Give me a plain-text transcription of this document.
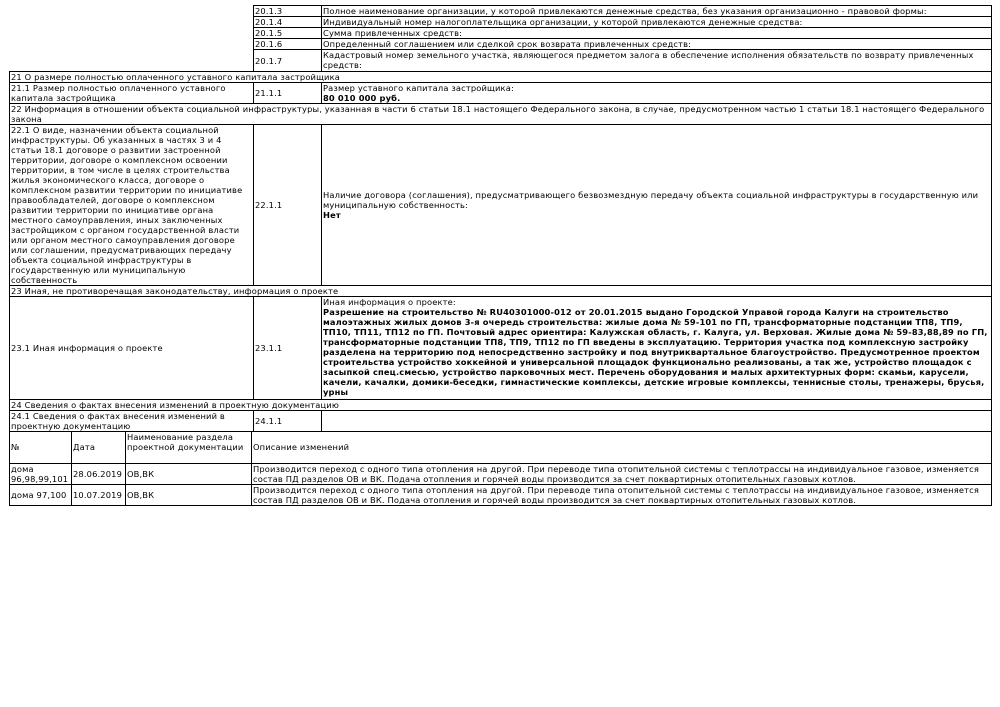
	20.1.3	Полное наименование организации, у которой привлекаются денежные средства, без указания организационно - правовой формы:
	20.1.4	Индивидуальный номер налогоплательщика организации, у которой привлекаются денежные средства:
	20.1.5	Сумма привлеченных средств:
	20.1.6	Определенный соглашением или сделкой срок возврата привлеченных средств:
	20.1.7	Кадастровый номер земельного участка, являющегося предметом залога в обеспечение исполнения обязательств по возврату привлеченных средств:
21 О размере полностью оплаченного уставного капитала застройщика		
21.1 Размер полностью оплаченного уставного капитала застройщика	21.1.1	Размер уставного капитала застройщика:
80 010 000 руб.

22 Информация в отношении объекта социальной инфраструктуры, указанная в части 6 статьи 18.1 настоящего Федерального закона, в случае, предусмотренном частью 1 статьи 18.1 настоящего Федерального закона		
22.1 О виде, назначении объекта социальной инфраструктуры. Об указанных в частях 3 и 4 статьи 18.1 договоре о развитии застроенной территории, договоре о комплексном освоении территории, в том числе в целях строительства жилья экономического класса, договоре о комплексном развитии территории по инициативе правообладателей, договоре о комплексном развитии территории по инициативе органа местного самоуправления, иных заключенных застройщиком с органом государственной власти или органом местного самоуправления договоре или соглашении, предусматривающих передачу объекта социальной инфраструктуры в государственную или муниципальную собственность	22.1.1	Наличие договора (соглашения), предусматривающего безвозмездную передачу объекта социальной инфраструктуры в государственную или муниципальную собственность:
Нет

23 Иная, не противоречащая законодательству, информация о проекте		
23.1 Иная информация о проекте	23.1.1	Иная информация о проекте:
Разрешение на строительство № RU40301000-012 от 20.01.2015 выдано Городской Управой города Калуги на строительство малоэтажных жилых домов 3-я очередь строительства: жилые дома № 59-101 по ГП, трансформаторные подстанции ТП8, ТП9, ТП10, ТП11, ТП12 по ГП. Почтовый адрес ориентира: Калужская область, г. Калуга, ул. Верховая. Жилые дома № 59-83,88,89 по ГП, трансформаторные подстанции ТП8, ТП9, ТП12 по ГП введены в эксплуатацию. Территория участка под комплексную застройку разделена на территорию под непосредственно застройку и под внутриквартальное благоустройство. Предусмотренное проектом строительства устройство хоккейной и универсальной площадок функционально реализованы, а так же, устройство площадок с засыпкой спец.смесью, устройство парковочных мест. Перечень оборудования и малых архитектурных форм: скамьи, карусели, качели, качалки, домики-беседки, гимнастические комплексы, детские игровые комплексы, теннисные столы, тренажеры, брусья, урны

24 Сведения о фактах внесения изменений в проектную документацию		
24.1 Сведения о фактах внесения изменений в проектную документацию	24.1.1	
№	Дата	Наименование раздела проектной документации	Описание изменений
дома 96,98,99,101	28.06.2019	ОВ,ВК	Производится переход с одного типа отопления на другой. При переводе типа отопительной системы с теплотрассы на индивидуальное газовое, изменяется состав ПД разделов ОВ и ВК. Подача отопления и горячей воды производится за счет поквартирных отопительных газовых котлов.
дома 97,100	10.07.2019	ОВ,ВК	Производится переход с одного типа отопления на другой. При переводе типа отопительной системы с теплотрассы на индивидуальное газовое, изменяется состав ПД разделов ОВ и ВК. Подача отопления и горячей воды производится за счет поквартирных отопительных газовых котлов.
